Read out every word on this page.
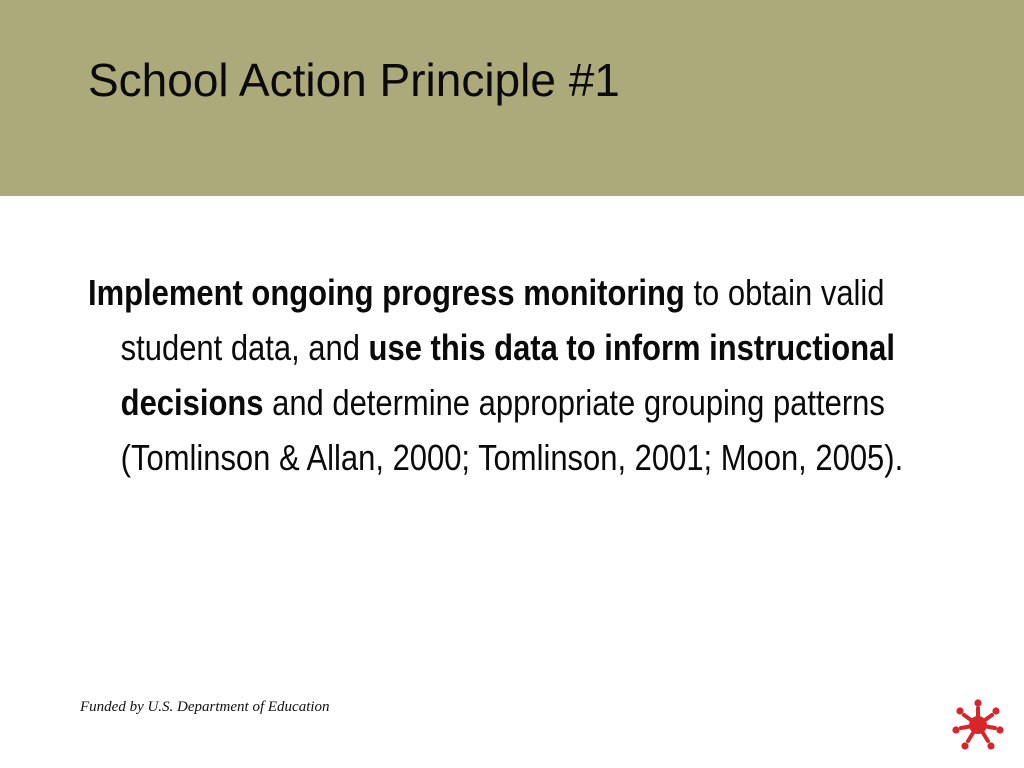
School Action Principle #1

Implement ongoing progress monitoring to obtain valid student data, and use this data to inform instructional decisions and determine appropriate grouping patterns (Tomlinson & Allan, 2000; Tomlinson, 2001; Moon, 2005).

Funded by U.S. Department of Education
